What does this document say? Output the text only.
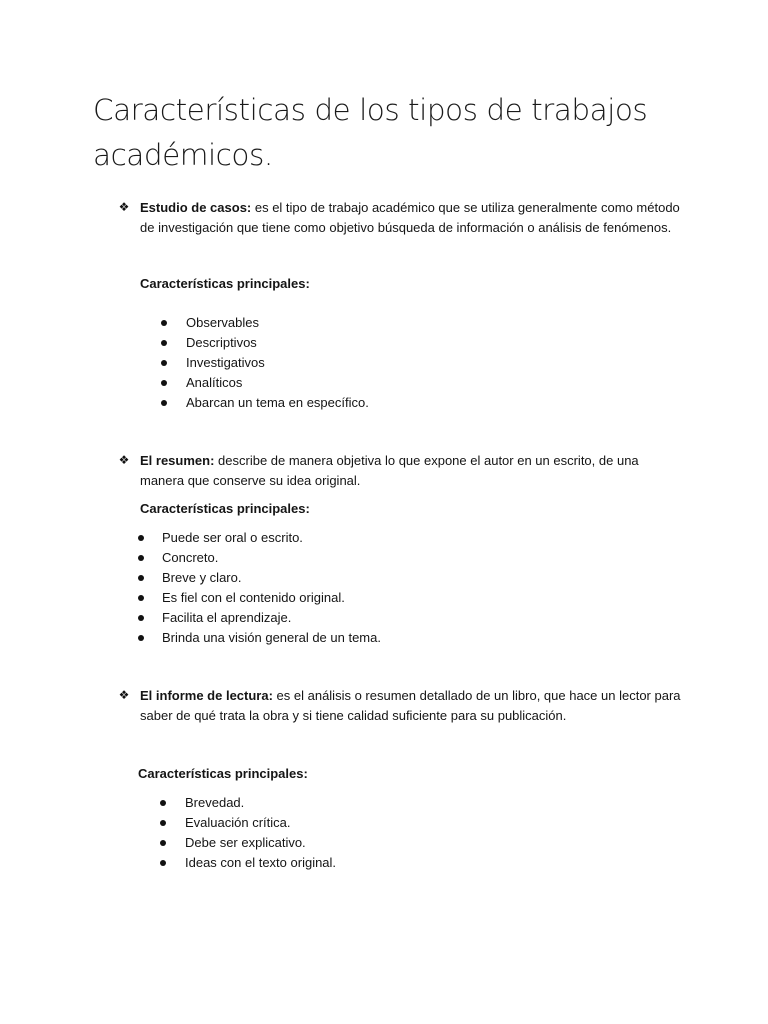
Características de los tipos de trabajos académicos.
❖ Estudio de casos: es el tipo de trabajo académico que se utiliza generalmente como método de investigación que tiene como objetivo búsqueda de información o análisis de fenómenos.

Características principales:

Observables
Descriptivos
Investigativos
Analíticos
Abarcan un tema en específico.
❖ El resumen: describe de manera objetiva lo que expone el autor en un escrito, de una manera que conserve su idea original.

Características principales:

Puede ser oral o escrito.
Concreto.
Breve y claro.
Es fiel con el contenido original.
Facilita el aprendizaje.
Brinda una visión general de un tema.
❖ El informe de lectura: es el análisis o resumen detallado de un libro, que hace un lector para saber de qué trata la obra y si tiene calidad suficiente para su publicación.

Características principales:

Brevedad.
Evaluación crítica.
Debe ser explicativo.
Ideas con el texto original.
